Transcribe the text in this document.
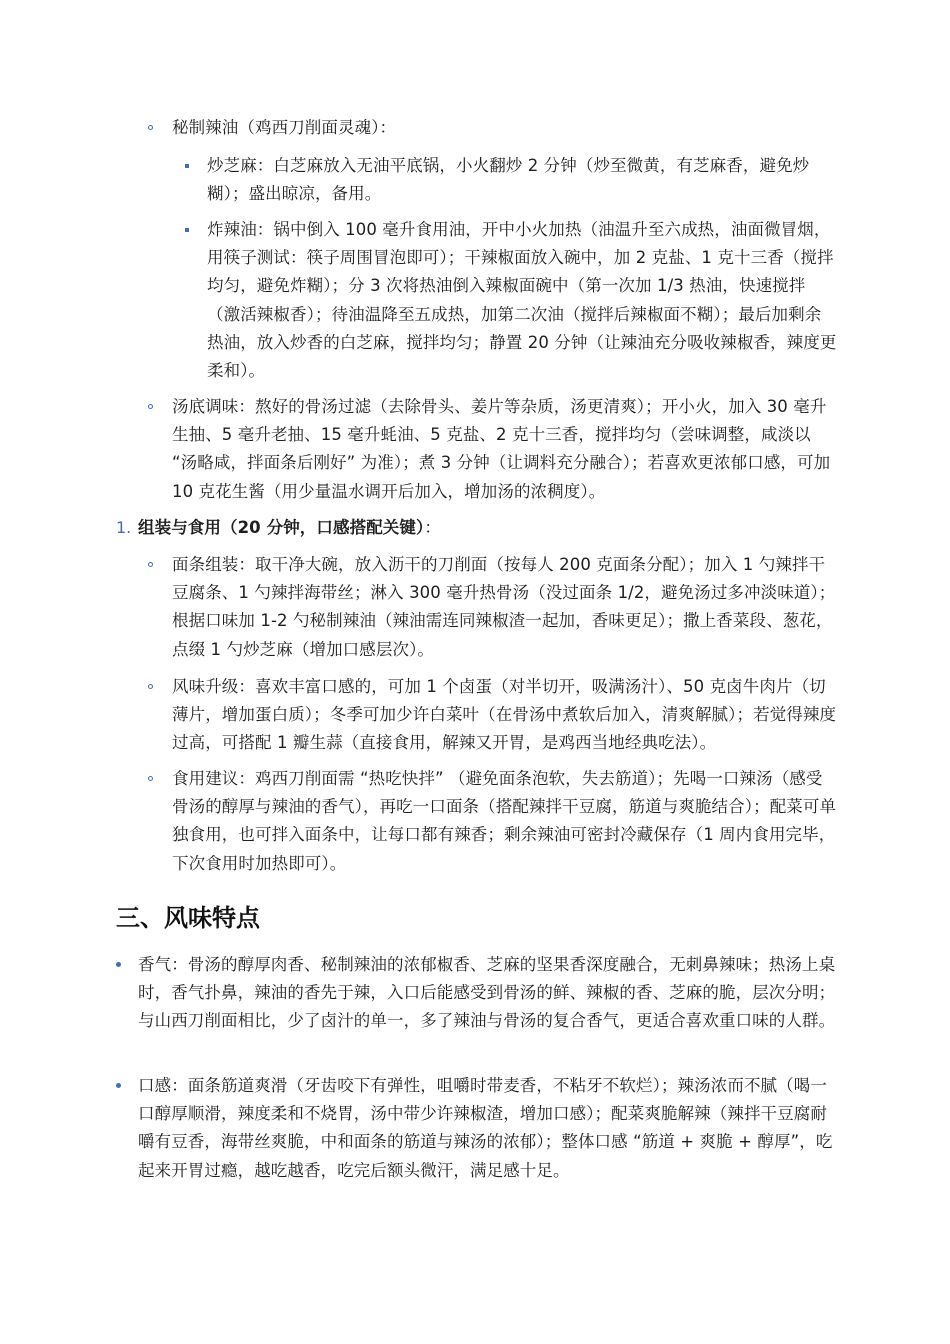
秘制辣油（鸡西刀削面灵魂）：

炒芝麻：白芝麻放入无油平底锅，小火翻炒 2 分钟（炒至微黄，有芝麻香，避免炒糊）；盛出晾凉，备用。

炸辣油：锅中倒入 100 毫升食用油，开中小火加热（油温升至六成热，油面微冒烟，用筷子测试：筷子周围冒泡即可）；干辣椒面放入碗中，加 2 克盐、1 克十三香（搅拌均匀，避免炸糊）；分 3 次将热油倒入辣椒面碗中（第一次加 1/3 热油，快速搅拌（激活辣椒香）；待油温降至五成热，加第二次油（搅拌后辣椒面不糊）；最后加剩余热油，放入炒香的白芝麻，搅拌均匀；静置 20 分钟（让辣油充分吸收辣椒香，辣度更柔和）。

汤底调味：熬好的骨汤过滤（去除骨头、姜片等杂质，汤更清爽）；开小火，加入 30 毫升生抽、5 毫升老抽、15 毫升蚝油、5 克盐、2 克十三香，搅拌均匀（尝味调整，咸淡以 “汤略咸，拌面条后刚好” 为准）；煮 3 分钟（让调料充分融合）；若喜欢更浓郁口感，可加 10 克花生酱（用少量温水调开后加入，增加汤的浓稠度）。

1. 组装与食用（20 分钟，口感搭配关键）：

面条组装：取干净大碗，放入沥干的刀削面（按每人 200 克面条分配）；加入 1 勺辣拌干豆腐条、1 勺辣拌海带丝；淋入 300 毫升热骨汤（没过面条 1/2，避免汤过多冲淡味道）；根据口味加 1-2 勺秘制辣油（辣油需连同辣椒渣一起加，香味更足）；撒上香菜段、葱花，点缀 1 勺炒芝麻（增加口感层次）。

风味升级：喜欢丰富口感的，可加 1 个卤蛋（对半切开，吸满汤汁）、50 克卤牛肉片（切薄片，增加蛋白质）；冬季可加少许白菜叶（在骨汤中煮软后加入，清爽解腻）；若觉得辣度过高，可搭配 1 瓣生蒜（直接食用，解辣又开胃，是鸡西当地经典吃法）。

食用建议：鸡西刀削面需 “热吃快拌” （避免面条泡软，失去筋道）；先喝一口辣汤（感受骨汤的醇厚与辣油的香气），再吃一口面条（搭配辣拌干豆腐，筋道与爽脆结合）；配菜可单独食用，也可拌入面条中，让每口都有辣香；剩余辣油可密封冷藏保存（1 周内食用完毕，下次食用时加热即可）。

三、风味特点

香气：骨汤的醇厚肉香、秘制辣油的浓郁椒香、芝麻的坚果香深度融合，无刺鼻辣味；热汤上桌时，香气扑鼻，辣油的香先于辣，入口后能感受到骨汤的鲜、辣椒的香、芝麻的脆，层次分明；与山西刀削面相比，少了卤汁的单一，多了辣油与骨汤的复合香气，更适合喜欢重口味的人群。

口感：面条筋道爽滑（牙齿咬下有弹性，咀嚼时带麦香，不粘牙不软烂）；辣汤浓而不腻（喝一口醇厚顺滑，辣度柔和不烧胃，汤中带少许辣椒渣，增加口感）；配菜爽脆解辣（辣拌干豆腐耐嚼有豆香，海带丝爽脆，中和面条的筋道与辣汤的浓郁）；整体口感 “筋道 + 爽脆 + 醇厚”，吃起来开胃过瘾，越吃越香，吃完后额头微汗，满足感十足。
